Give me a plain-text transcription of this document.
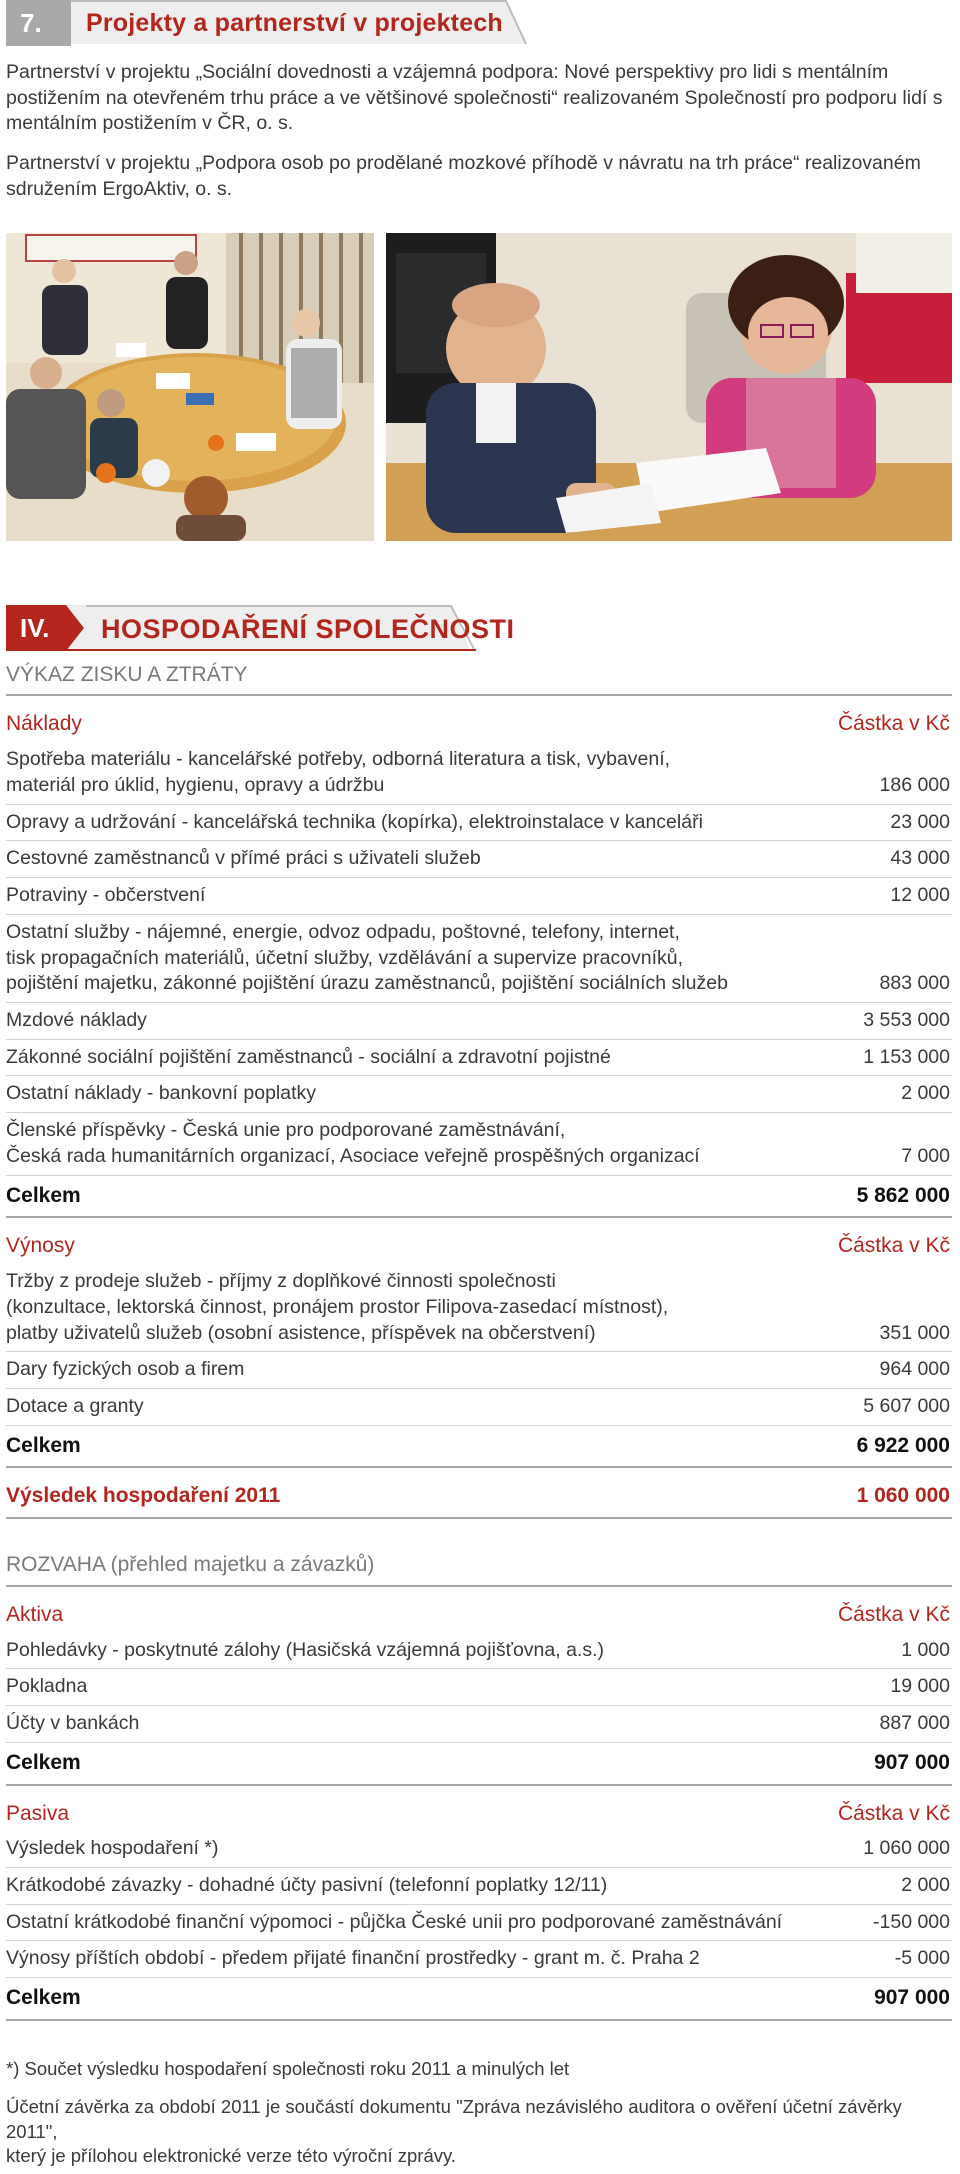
7. Projekty a partnerství v projektech

Partnerství v projektu „Sociální dovednosti a vzájemná podpora: Nové perspektivy pro lidi s mentálním postižením na otevřeném trhu práce a ve většinové společnosti“ realizovaném Společností pro podporu lidí s mentálním postižením v ČR, o. s.

Partnerství v projektu „Podpora osob po prodělané mozkové příhodě v návratu na trh práce“ realizovaném sdružením ErgoAktiv, o. s.

IV. HOSPODAŘENÍ SPOLEČNOSTI
VÝKAZ ZISKU A ZTRÁTY
Náklady	Částka v Kč

Spotřeba materiálu - kancelářské potřeby, odborná literatura a tisk, vybavení,
materiál pro úklid, hygienu, opravy a údržbu	186 000
Opravy a udržování - kancelářská technika (kopírka), elektroinstalace v kanceláři	23 000
Cestovné zaměstnanců v přímé práci s uživateli služeb	43 000
Potraviny - občerstvení	12 000

Ostatní služby - nájemné, energie, odvoz odpadu, poštovné, telefony, internet,
tisk propagačních materiálů, účetní služby, vzdělávání a supervize pracovníků,
pojištění majetku, zákonné pojištění úrazu zaměstnanců, pojištění sociálních služeb	883 000
Mzdové náklady	3 553 000
Zákonné sociální pojištění zaměstnanců - sociální a zdravotní pojistné	1 153 000
Ostatní náklady - bankovní poplatky	2 000

Členské příspěvky - Česká unie pro podporované zaměstnávání,
Česká rada humanitárních organizací, Asociace veřejně prospěšných organizací	7 000
Celkem	5 862 000
Výnosy	Částka v Kč

Tržby z prodeje služeb - příjmy z doplňkové činnosti společnosti
(konzultace, lektorská činnost, pronájem prostor Filipova-zasedací místnost),
platby uživatelů služeb (osobní asistence, příspěvek na občerstvení)	351 000
Dary fyzických osob a firem	964 000
Dotace a granty	5 607 000
Celkem	6 922 000
Výsledek hospodaření 2011	1 060 000
ROZVAHA (přehled majetku a závazků)
Aktiva	Částka v Kč
Pohledávky - poskytnuté zálohy (Hasičská vzájemná pojišťovna, a.s.)	1 000
Pokladna	19 000
Účty v bankách	887 000
Celkem	907 000
Pasiva	Částka v Kč
Výsledek hospodaření *)	1 060 000
Krátkodobé závazky - dohadné účty pasivní (telefonní poplatky 12/11)	2 000
Ostatní krátkodobé finanční výpomoci - půjčka České unii pro podporované zaměstnávání	-150 000
Výnosy příštích období - předem přijaté finanční prostředky - grant m. č. Praha 2	-5 000
Celkem	907 000

*) Součet výsledku hospodaření společnosti roku 2011 a minulých let

Účetní závěrka za období 2011 je součástí dokumentu "Zpráva nezávislého auditora o ověření účetní závěrky 2011",
který je přílohou elektronické verze této výroční zprávy.
